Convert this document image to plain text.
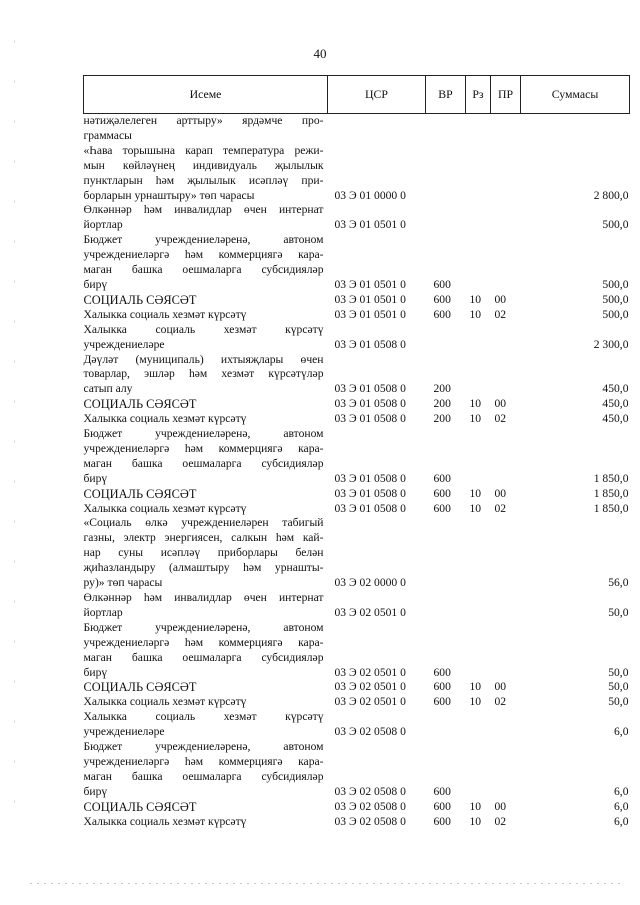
40
Исеме	ЦСР	ВР	Рз	ПР	Суммасы

нәтиҗәлелеген арттыру» ярдәмче про-
граммасы					

«Һава торышына карап температура режи-
мын көйләүнең индивидуаль җылылык
пунктларын һәм җылылык исәпләү при-
борларын урнаштыру» төп чарасы	03 Э 01 0000 0				2 800,0

Өлкәннәр һәм инвалидлар өчен интернат
йортлар	03 Э 01 0501 0				500,0

Бюджет учреждениеләренә, автоном
учреждениеләргә һәм коммерциягә кара-
маган башка оешмаларга субсидияләр
бирү	03 Э 01 0501 0	600			500,0

СОЦИАЛЬ СӘЯСӘТ	03 Э 01 0501 0	600	10	00	500,0

Халыкка социаль хезмәт күрсәтү	03 Э 01 0501 0	600	10	02	500,0

Халыкка социаль хезмәт күрсәтү
учреждениеләре	03 Э 01 0508 0				2 300,0

Дәүләт (муниципаль) ихтыяҗлары өчен
товарлар, эшләр һәм хезмәт күрсәтүләр
сатып алу	03 Э 01 0508 0	200			450,0

СОЦИАЛЬ СӘЯСӘТ	03 Э 01 0508 0	200	10	00	450,0

Халыкка социаль хезмәт күрсәтү	03 Э 01 0508 0	200	10	02	450,0

Бюджет учреждениеләренә, автоном
учреждениеләргә һәм коммерциягә кара-
маган башка оешмаларга субсидияләр
бирү	03 Э 01 0508 0	600			1 850,0

СОЦИАЛЬ СӘЯСӘТ	03 Э 01 0508 0	600	10	00	1 850,0

Халыкка социаль хезмәт күрсәтү	03 Э 01 0508 0	600	10	02	1 850,0

«Социаль өлкә учреждениеләрен табигый
газны, электр энергиясен, салкын һәм кай-
нар суны исәпләү приборлары белән
җиһазландыру (алмаштыру һәм урнашты-
ру)» төп чарасы	03 Э 02 0000 0				56,0

Өлкәннәр һәм инвалидлар өчен интернат
йортлар	03 Э 02 0501 0				50,0

Бюджет учреждениеләренә, автоном
учреждениеләргә һәм коммерциягә кара-
маган башка оешмаларга субсидияләр
бирү	03 Э 02 0501 0	600			50,0

СОЦИАЛЬ СӘЯСӘТ	03 Э 02 0501 0	600	10	00	50,0

Халыкка социаль хезмәт күрсәтү	03 Э 02 0501 0	600	10	02	50,0

Халыкка социаль хезмәт күрсәтү
учреждениеләре	03 Э 02 0508 0				6,0

Бюджет учреждениеләренә, автоном
учреждениеләргә һәм коммерциягә кара-
маган башка оешмаларга субсидияләр
бирү	03 Э 02 0508 0	600			6,0

СОЦИАЛЬ СӘЯСӘТ	03 Э 02 0508 0	600	10	00	6,0

Халыкка социаль хезмәт күрсәтү	03 Э 02 0508 0	600	10	02	6,0
